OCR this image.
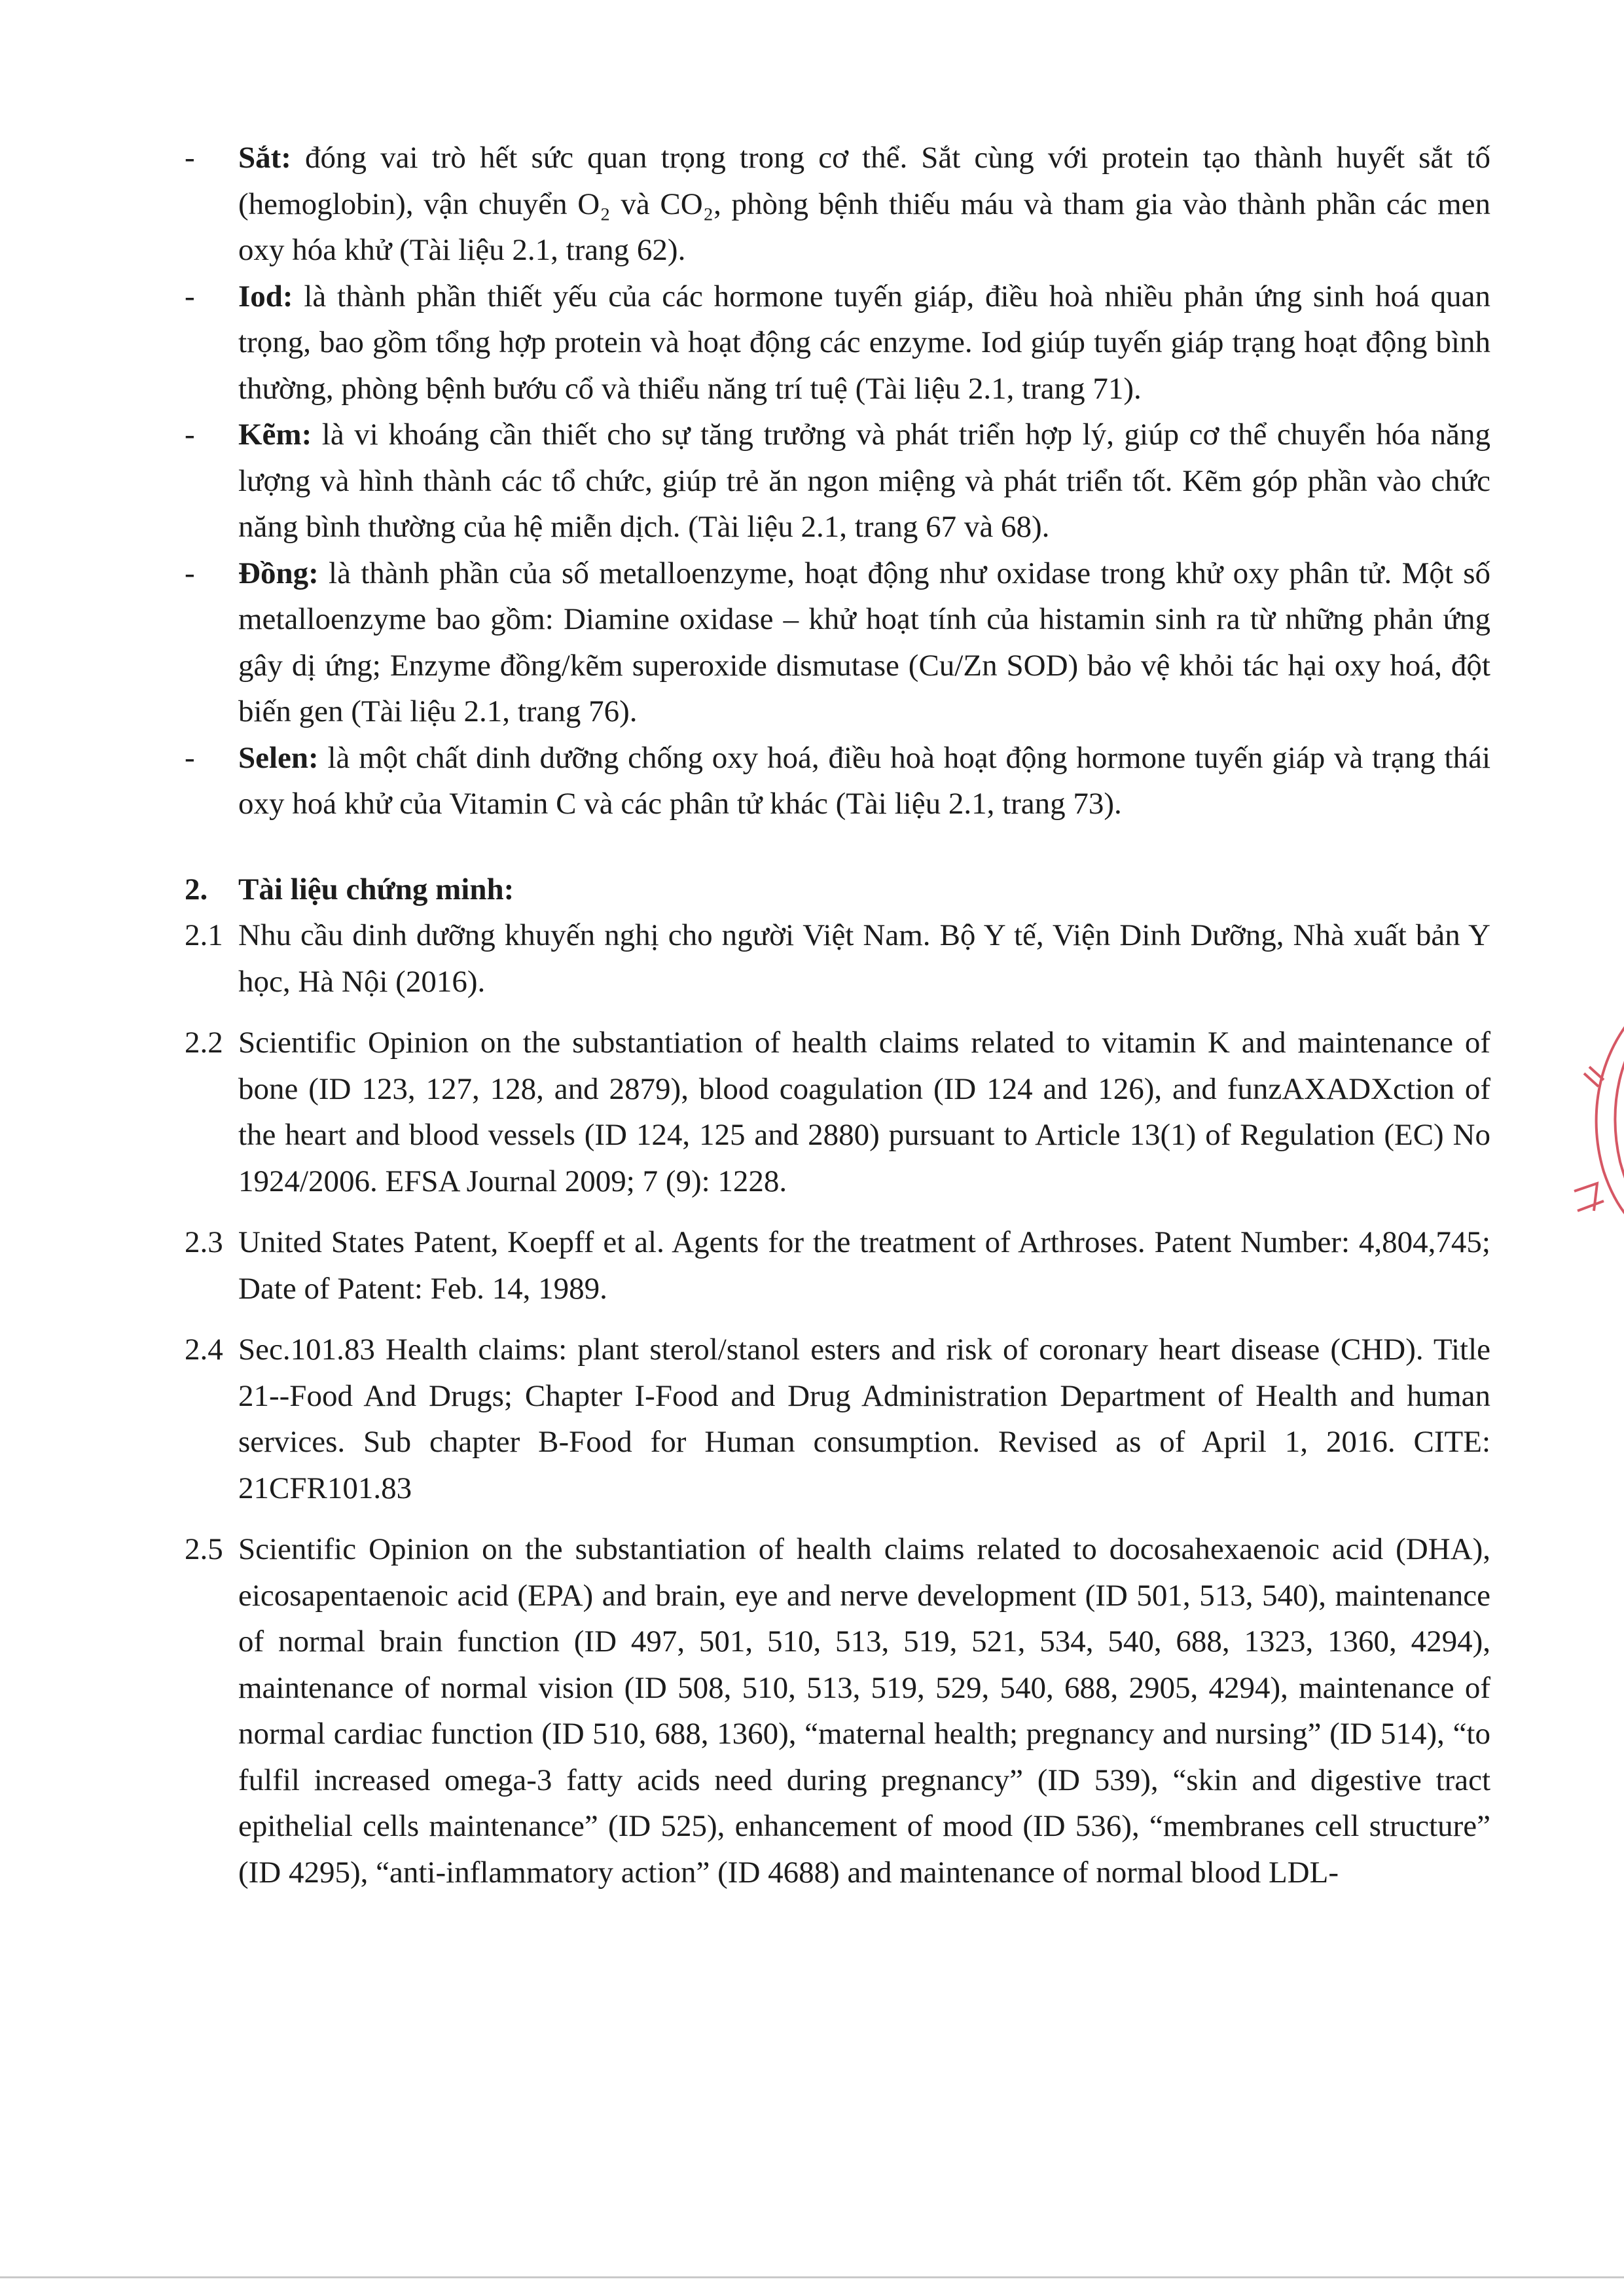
- Sắt: đóng vai trò hết sức quan trọng trong cơ thể. Sắt cùng với protein tạo thành huyết sắt tố (hemoglobin), vận chuyển O₂ và CO₂, phòng bệnh thiếu máu và tham gia vào thành phần các men oxy hóa khử (Tài liệu 2.1, trang 62).

- Iod: là thành phần thiết yếu của các hormone tuyến giáp, điều hoà nhiều phản ứng sinh hoá quan trọng, bao gồm tổng hợp protein và hoạt động các enzyme. Iod giúp tuyến giáp trạng hoạt động bình thường, phòng bệnh bướu cổ và thiểu năng trí tuệ (Tài liệu 2.1, trang 71).

- Kẽm: là vi khoáng cần thiết cho sự tăng trưởng và phát triển hợp lý, giúp cơ thể chuyển hóa năng lượng và hình thành các tổ chức, giúp trẻ ăn ngon miệng và phát triển tốt. Kẽm góp phần vào chức năng bình thường của hệ miễn dịch. (Tài liệu 2.1, trang 67 và 68).

- Đồng: là thành phần của số metalloenzyme, hoạt động như oxidase trong khử oxy phân tử. Một số metalloenzyme bao gồm: Diamine oxidase – khử hoạt tính của histamin sinh ra từ những phản ứng gây dị ứng; Enzyme đồng/kẽm superoxide dismutase (Cu/Zn SOD) bảo vệ khỏi tác hại oxy hoá, đột biến gen (Tài liệu 2.1, trang 76).

- Selen: là một chất dinh dưỡng chống oxy hoá, điều hoà hoạt động hormone tuyến giáp và trạng thái oxy hoá khử của Vitamin C và các phân tử khác (Tài liệu 2.1, trang 73).

2. Tài liệu chứng minh:

2.1 Nhu cầu dinh dưỡng khuyến nghị cho người Việt Nam. Bộ Y tế, Viện Dinh Dưỡng, Nhà xuất bản Y học, Hà Nội (2016).

2.2 Scientific Opinion on the substantiation of health claims related to vitamin K and maintenance of bone (ID 123, 127, 128, and 2879), blood coagulation (ID 124 and 126), and funzAXADXction of the heart and blood vessels (ID 124, 125 and 2880) pursuant to Article 13(1) of Regulation (EC) No 1924/2006. EFSA Journal 2009; 7 (9): 1228.

2.3 United States Patent, Koepff et al. Agents for the treatment of Arthroses. Patent Number: 4,804,745; Date of Patent: Feb. 14, 1989.

2.4 Sec.101.83 Health claims: plant sterol/stanol esters and risk of coronary heart disease (CHD). Title 21--Food And Drugs; Chapter I-Food and Drug Administration Department of Health and human services. Sub chapter B-Food for Human consumption. Revised as of April 1, 2016. CITE: 21CFR101.83

2.5 Scientific Opinion on the substantiation of health claims related to docosahexaenoic acid (DHA), eicosapentaenoic acid (EPA) and brain, eye and nerve development (ID 501, 513, 540), maintenance of normal brain function (ID 497, 501, 510, 513, 519, 521, 534, 540, 688, 1323, 1360, 4294), maintenance of normal vision (ID 508, 510, 513, 519, 529, 540, 688, 2905, 4294), maintenance of normal cardiac function (ID 510, 688, 1360), “maternal health; pregnancy and nursing” (ID 514), “to fulfil increased omega-3 fatty acids need during pregnancy” (ID 539), “skin and digestive tract epithelial cells maintenance” (ID 525), enhancement of mood (ID 536), “membranes cell structure” (ID 4295), “anti-inflammatory action” (ID 4688) and maintenance of normal blood LDL-
